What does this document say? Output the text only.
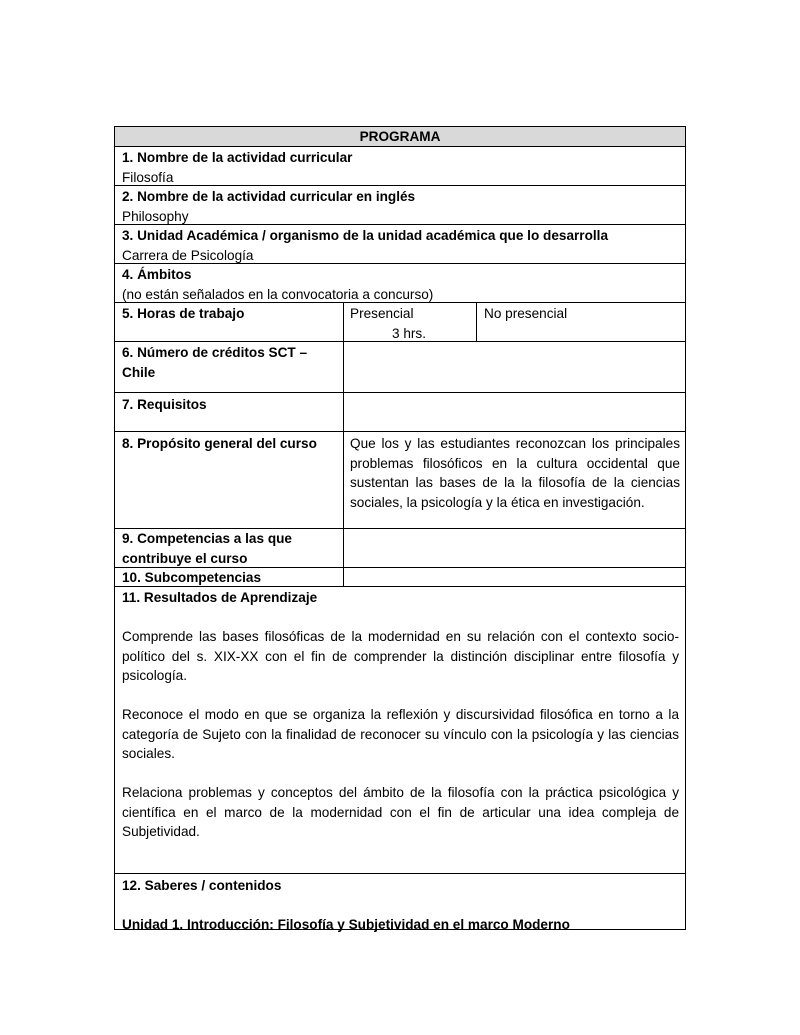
PROGRAMA
1. Nombre de la actividad curricular
Filosofía
2. Nombre de la actividad curricular en inglés
Philosophy
3. Unidad Académica / organismo de la unidad académica que lo desarrolla
Carrera de Psicología
4. Ámbitos
(no están señalados en la convocatoria a concurso)
5. Horas de trabajo	Presencial
3 hrs.
No presencial
6. Número de créditos SCT –
Chile
7. Requisitos
8. Propósito general del curso	Que los y las estudiantes reconozcan los principales problemas filosóficos en la cultura occidental que sustentan las bases de la la filosofía de la ciencias sociales, la psicología y la ética en investigación.
9. Competencias a las que
contribuye el curso
10. Subcompetencias
11. Resultados de Aprendizaje

Comprende las bases filosóficas de la modernidad en su relación con el contexto socio-político del s. XIX-XX con el fin de comprender la distinción disciplinar entre filosofía y psicología.

Reconoce el modo en que se organiza la reflexión y discursividad filosófica en torno a la categoría de Sujeto con la finalidad de reconocer su vínculo con la psicología y las ciencias sociales.

Relaciona problemas y conceptos del ámbito de la filosofía con la práctica psicológica y científica en el marco de la modernidad con el fin de articular una idea compleja de Subjetividad.

12. Saberes / contenidos
Unidad 1. Introducción: Filosofía y Subjetividad en el marco Moderno
